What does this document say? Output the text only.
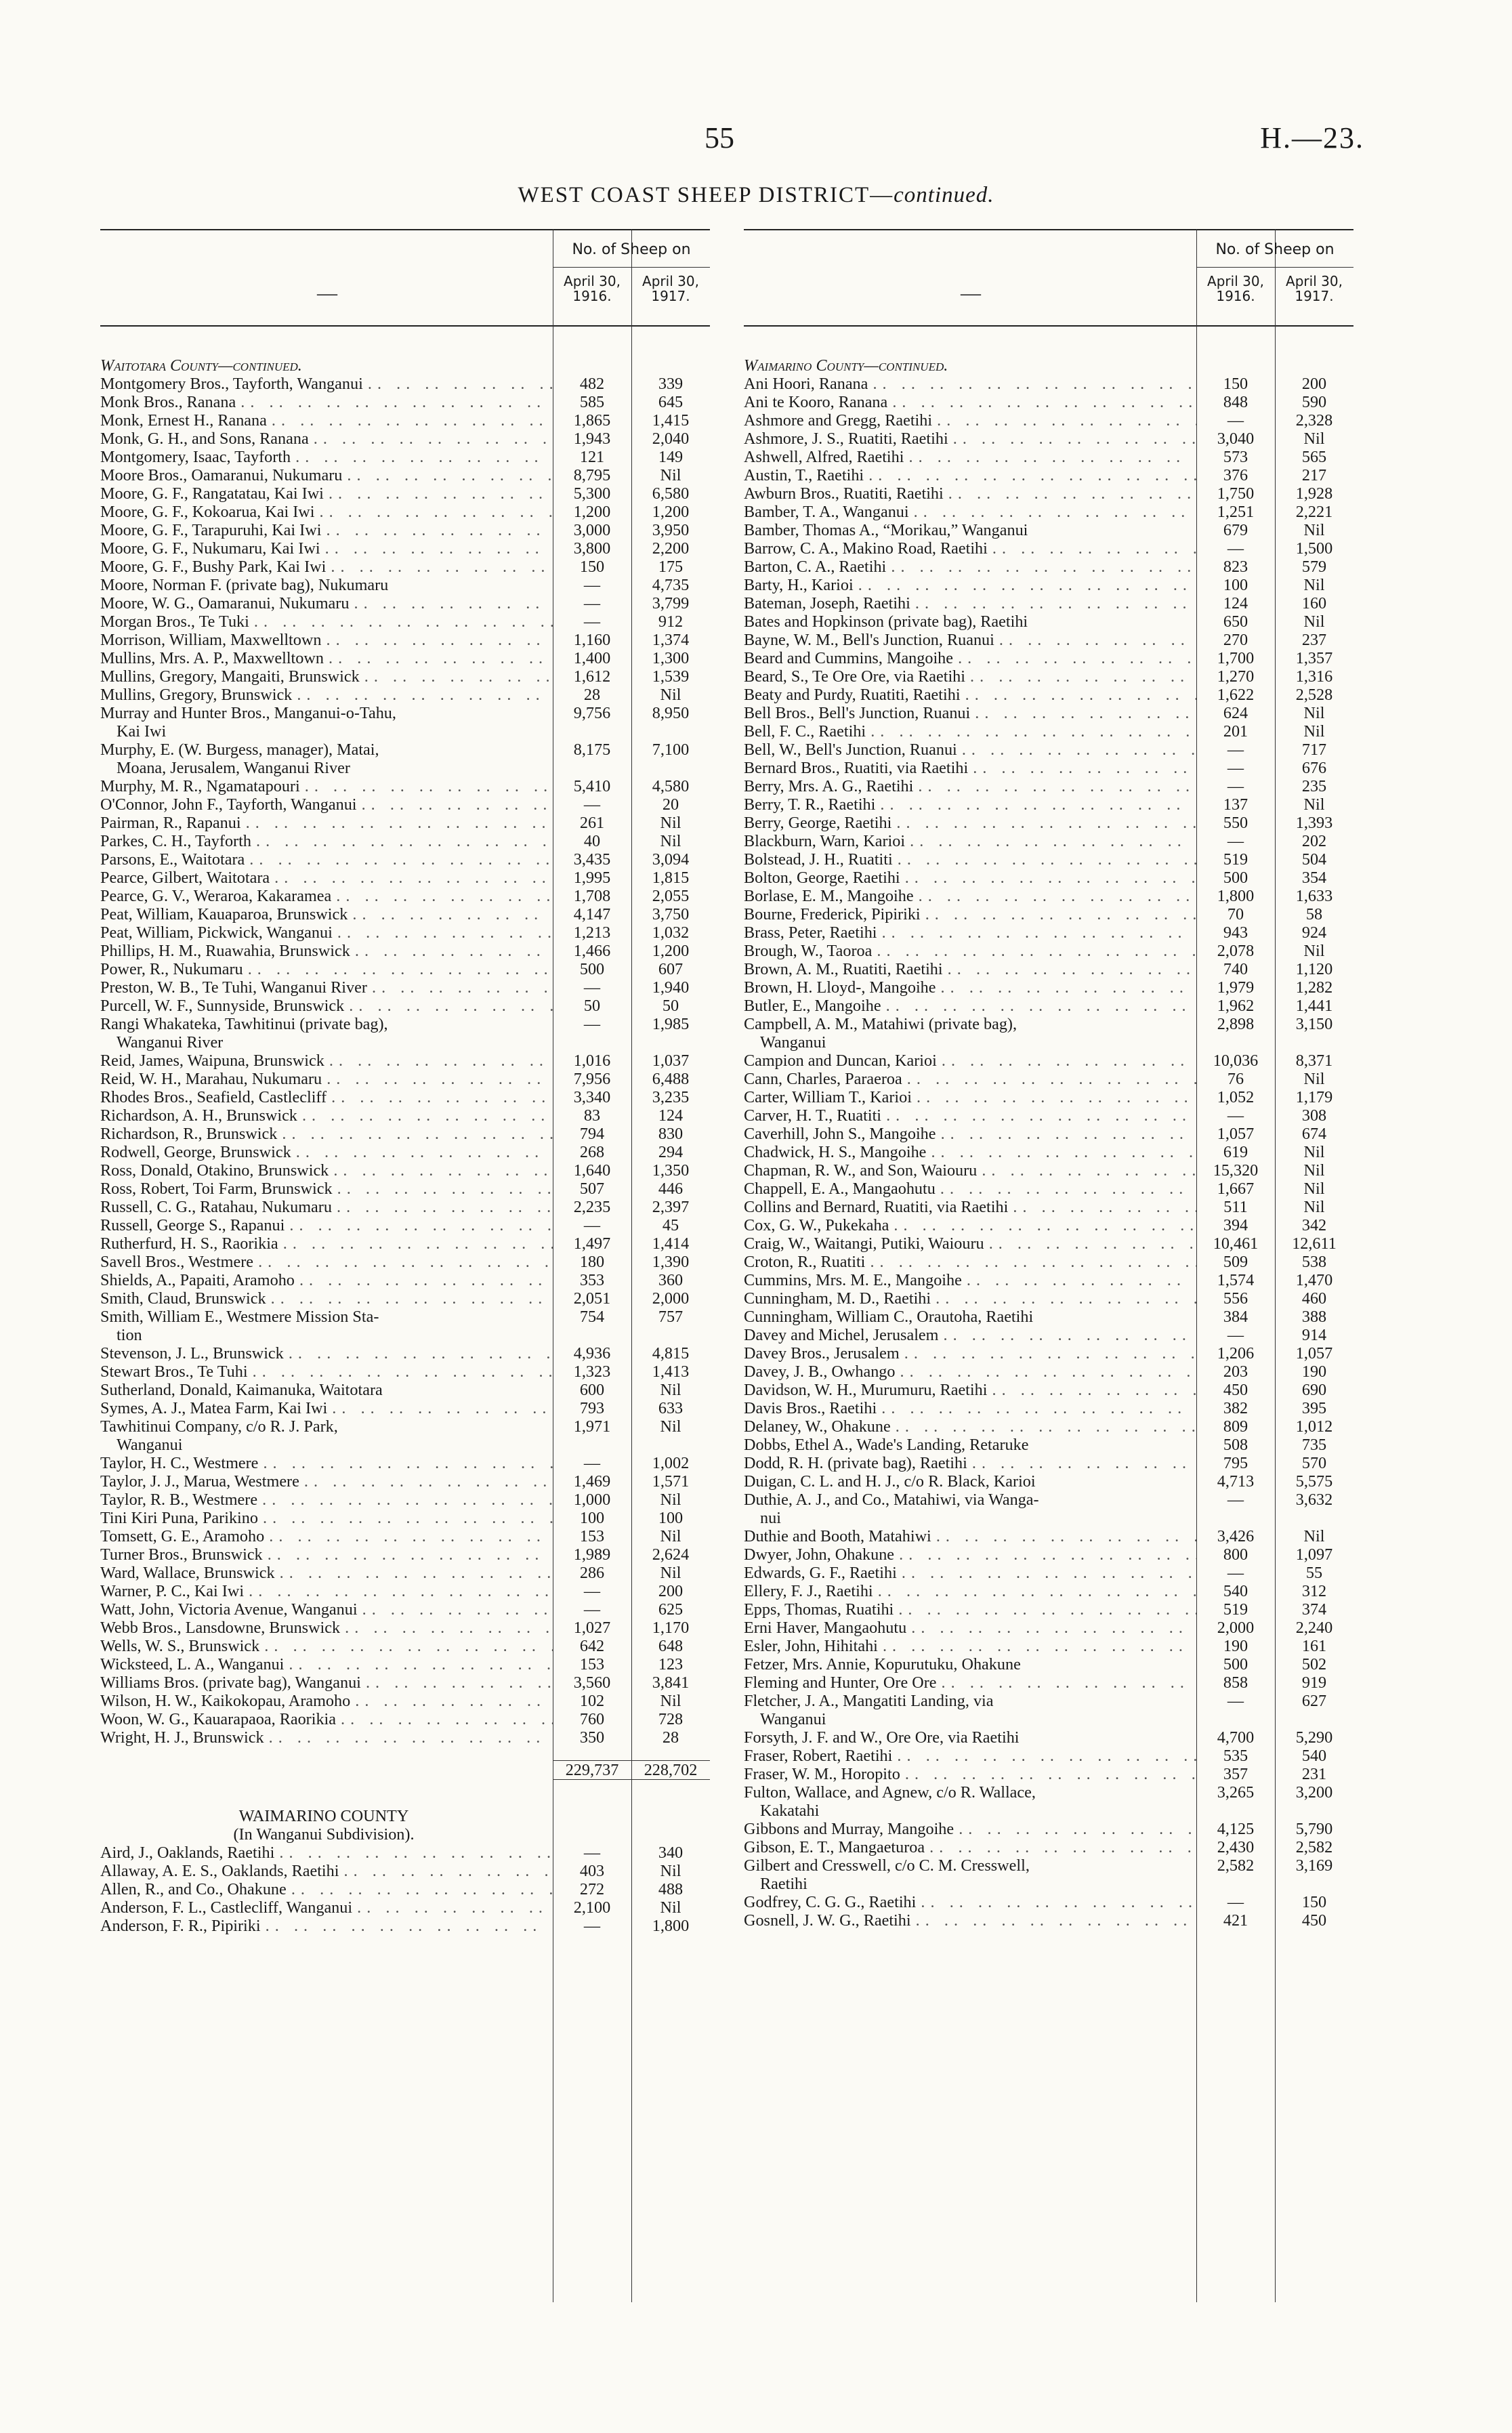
55	H.—23.
WEST COAST SHEEP DISTRICT—continued.
—
No. of Sheep on
April 30,
1916.
April 30,
1917.
Waitotara County—continued.
Montgomery Bros., Tayforth, Wanganui . .	482	339
Monk Bros., Ranana . .	585	645
Monk, Ernest H., Ranana . .	1,865	1,415
Monk, G. H., and Sons, Ranana . .	1,943	2,040
Montgomery, Isaac, Tayforth . .	121	149
Moore Bros., Oamaranui, Nukumaru . .	8,795	Nil
Moore, G. F., Rangatatau, Kai Iwi . .	5,300	6,580
Moore, G. F., Kokoarua, Kai Iwi . .	1,200	1,200
Moore, G. F., Tarapuruhi, Kai Iwi . .	3,000	3,950
Moore, G. F., Nukumaru, Kai Iwi . .	3,800	2,200
Moore, G. F., Bushy Park, Kai Iwi . .	150	175
Moore, Norman F. (private bag), Nukumaru	—	4,735
Moore, W. G., Oamaranui, Nukumaru . .	—	3,799
Morgan Bros., Te Tuki . .	—	912
Morrison, William, Maxwelltown . .	1,160	1,374
Mullins, Mrs. A. P., Maxwelltown . .	1,400	1,300
Mullins, Gregory, Mangaiti, Brunswick . .	1,612	1,539
Mullins, Gregory, Brunswick . .	28	Nil
Murray and Hunter Bros., Manganui-o-Tahu,
Kai Iwi
9,756	8,950
Murphy, E. (W. Burgess, manager), Matai,
Moana, Jerusalem, Wanganui River
8,175	7,100
Murphy, M. R., Ngamatapouri . .	5,410	4,580
O'Connor, John F., Tayforth, Wanganui . .	—	20
Pairman, R., Rapanui . .	261	Nil
Parkes, C. H., Tayforth . .	40	Nil
Parsons, E., Waitotara . .	3,435	3,094
Pearce, Gilbert, Waitotara . .	1,995	1,815
Pearce, G. V., Weraroa, Kakaramea . .	1,708	2,055
Peat, William, Kauaparoa, Brunswick . .	4,147	3,750
Peat, William, Pickwick, Wanganui . .	1,213	1,032
Phillips, H. M., Ruawahia, Brunswick . .	1,466	1,200
Power, R., Nukumaru . .	500	607
Preston, W. B., Te Tuhi, Wanganui River . .	—	1,940
Purcell, W. F., Sunnyside, Brunswick . .	50	50
Rangi Whakateka, Tawhitinui (private bag),
Wanganui River
—	1,985
Reid, James, Waipuna, Brunswick . .	1,016	1,037
Reid, W. H., Marahau, Nukumaru . .	7,956	6,488
Rhodes Bros., Seafield, Castlecliff . .	3,340	3,235
Richardson, A. H., Brunswick . .	83	124
Richardson, R., Brunswick . .	794	830
Rodwell, George, Brunswick . .	268	294
Ross, Donald, Otakino, Brunswick . .	1,640	1,350
Ross, Robert, Toi Farm, Brunswick . .	507	446
Russell, C. G., Ratahau, Nukumaru . .	2,235	2,397
Russell, George S., Rapanui . .	—	45
Rutherfurd, H. S., Raorikia . .	1,497	1,414
Savell Bros., Westmere . .	180	1,390
Shields, A., Papaiti, Aramoho . .	353	360
Smith, Claud, Brunswick . .	2,051	2,000
Smith, William E., Westmere Mission Sta-
tion
754	757
Stevenson, J. L., Brunswick . .	4,936	4,815
Stewart Bros., Te Tuhi . .	1,323	1,413
Sutherland, Donald, Kaimanuka, Waitotara	600	Nil
Symes, A. J., Matea Farm, Kai Iwi . .	793	633
Tawhitinui Company, c/o R. J. Park,
Wanganui
1,971	Nil
Taylor, H. C., Westmere . .	—	1,002
Taylor, J. J., Marua, Westmere . .	1,469	1,571
Taylor, R. B., Westmere . .	1,000	Nil
Tini Kiri Puna, Parikino . .	100	100
Tomsett, G. E., Aramoho . .	153	Nil
Turner Bros., Brunswick . .	1,989	2,624
Ward, Wallace, Brunswick . .	286	Nil
Warner, P. C., Kai Iwi . .	—	200
Watt, John, Victoria Avenue, Wanganui . .	—	625
Webb Bros., Lansdowne, Brunswick . .	1,027	1,170
Wells, W. S., Brunswick . .	642	648
Wicksteed, L. A., Wanganui . .	153	123
Williams Bros. (private bag), Wanganui . .	3,560	3,841
Wilson, H. W., Kaikokopau, Aramoho . .	102	Nil
Woon, W. G., Kauarapaoa, Raorikia . .	760	728
Wright, H. J., Brunswick . .	350	28
229,737	228,702
WAIMARINO COUNTY
(In Wanganui Subdivision).
Aird, J., Oaklands, Raetihi . .	—	340
Allaway, A. E. S., Oaklands, Raetihi . .	403	Nil
Allen, R., and Co., Ohakune . .	272	488
Anderson, F. L., Castlecliff, Wanganui . .	2,100	Nil
Anderson, F. R., Pipiriki . .	—	1,800
—
No. of Sheep on
April 30,
1916.
April 30,
1917.
Waimarino County—continued.
Ani Hoori, Ranana . .	150	200
Ani te Kooro, Ranana . .	848	590
Ashmore and Gregg, Raetihi . .	—	2,328
Ashmore, J. S., Ruatiti, Raetihi . .	3,040	Nil
Ashwell, Alfred, Raetihi . .	573	565
Austin, T., Raetihi . .	376	217
Awburn Bros., Ruatiti, Raetihi . .	1,750	1,928
Bamber, T. A., Wanganui . .	1,251	2,221
Bamber, Thomas A., “Morikau,” Wanganui	679	Nil
Barrow, C. A., Makino Road, Raetihi . .	—	1,500
Barton, C. A., Raetihi . .	823	579
Barty, H., Karioi . .	100	Nil
Bateman, Joseph, Raetihi . .	124	160
Bates and Hopkinson (private bag), Raetihi	650	Nil
Bayne, W. M., Bell's Junction, Ruanui . .	270	237
Beard and Cummins, Mangoihe . .	1,700	1,357
Beard, S., Te Ore Ore, via Raetihi . .	1,270	1,316
Beaty and Purdy, Ruatiti, Raetihi . .	1,622	2,528
Bell Bros., Bell's Junction, Ruanui . .	624	Nil
Bell, F. C., Raetihi . .	201	Nil
Bell, W., Bell's Junction, Ruanui . .	—	717
Bernard Bros., Ruatiti, via Raetihi . .	—	676
Berry, Mrs. A. G., Raetihi . .	—	235
Berry, T. R., Raetihi . .	137	Nil
Berry, George, Raetihi . .	550	1,393
Blackburn, Warn, Karioi . .	—	202
Bolstead, J. H., Ruatiti . .	519	504
Bolton, George, Raetihi . .	500	354
Borlase, E. M., Mangoihe . .	1,800	1,633
Bourne, Frederick, Pipiriki . .	70	58
Brass, Peter, Raetihi . .	943	924
Brough, W., Taoroa . .	2,078	Nil
Brown, A. M., Ruatiti, Raetihi . .	740	1,120
Brown, H. Lloyd-, Mangoihe . .	1,979	1,282
Butler, E., Mangoihe . .	1,962	1,441
Campbell, A. M., Matahiwi (private bag),
Wanganui
2,898	3,150
Campion and Duncan, Karioi . .	10,036	8,371
Cann, Charles, Paraeroa . .	76	Nil
Carter, William T., Karioi . .	1,052	1,179
Carver, H. T., Ruatiti . .	—	308
Caverhill, John S., Mangoihe . .	1,057	674
Chadwick, H. S., Mangoihe . .	619	Nil
Chapman, R. W., and Son, Waiouru . .	15,320	Nil
Chappell, E. A., Mangaohutu . .	1,667	Nil
Collins and Bernard, Ruatiti, via Raetihi . .	511	Nil
Cox, G. W., Pukekaha . .	394	342
Craig, W., Waitangi, Putiki, Waiouru . .	10,461	12,611
Croton, R., Ruatiti . .	509	538
Cummins, Mrs. M. E., Mangoihe . .	1,574	1,470
Cunningham, M. D., Raetihi . .	556	460
Cunningham, William C., Orautoha, Raetihi	384	388
Davey and Michel, Jerusalem . .	—	914
Davey Bros., Jerusalem . .	1,206	1,057
Davey, J. B., Owhango . .	203	190
Davidson, W. H., Murumuru, Raetihi . .	450	690
Davis Bros., Raetihi . .	382	395
Delaney, W., Ohakune . .	809	1,012
Dobbs, Ethel A., Wade's Landing, Retaruke	508	735
Dodd, R. H. (private bag), Raetihi . .	795	570
Duigan, C. L. and H. J., c/o R. Black, Karioi	4,713	5,575
Duthie, A. J., and Co., Matahiwi, via Wanga-
nui
—	3,632
Duthie and Booth, Matahiwi . .	3,426	Nil
Dwyer, John, Ohakune . .	800	1,097
Edwards, G. F., Raetihi . .	—	55
Ellery, F. J., Raetihi . .	540	312
Epps, Thomas, Ruatihi . .	519	374
Erni Haver, Mangaohutu . .	2,000	2,240
Esler, John, Hihitahi . .	190	161
Fetzer, Mrs. Annie, Kopurutuku, Ohakune	500	502
Fleming and Hunter, Ore Ore . .	858	919
Fletcher, J. A., Mangatiti Landing, via
Wanganui
—	627
Forsyth, J. F. and W., Ore Ore, via Raetihi	4,700	5,290
Fraser, Robert, Raetihi . .	535	540
Fraser, W. M., Horopito . .	357	231
Fulton, Wallace, and Agnew, c/o R. Wallace,
Kakatahi
3,265	3,200
Gibbons and Murray, Mangoihe . .	4,125	5,790
Gibson, E. T., Mangaeturoa . .	2,430	2,582
Gilbert and Cresswell, c/o C. M. Cresswell,
Raetihi
2,582	3,169
Godfrey, C. G. G., Raetihi . .	—	150
Gosnell, J. W. G., Raetihi . .	421	450
